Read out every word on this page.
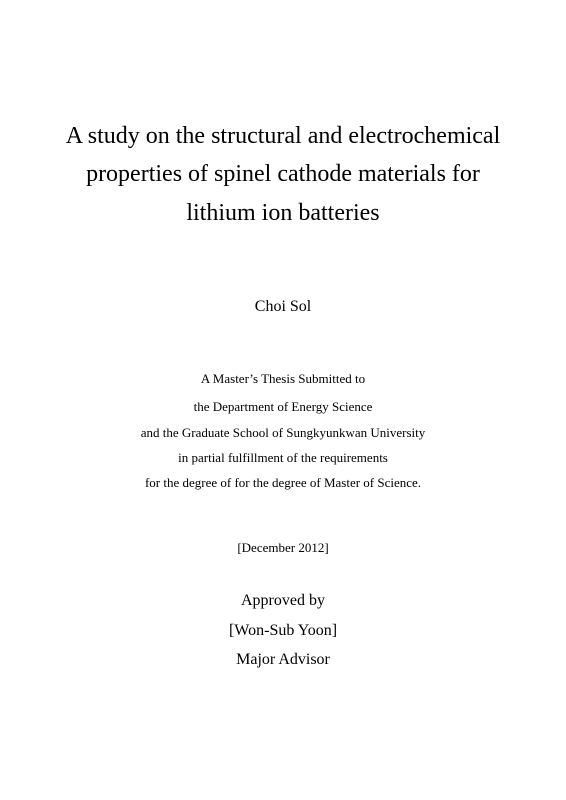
A study on the structural and electrochemical
properties of spinel cathode materials for
lithium ion batteries
Choi Sol
A Master’s Thesis Submitted to
the Department of Energy Science
and the Graduate School of Sungkyunkwan University
in partial fulfillment of the requirements
for the degree of for the degree of Master of Science.
[December 2012]
Approved by
[Won-Sub Yoon]
Major Advisor
